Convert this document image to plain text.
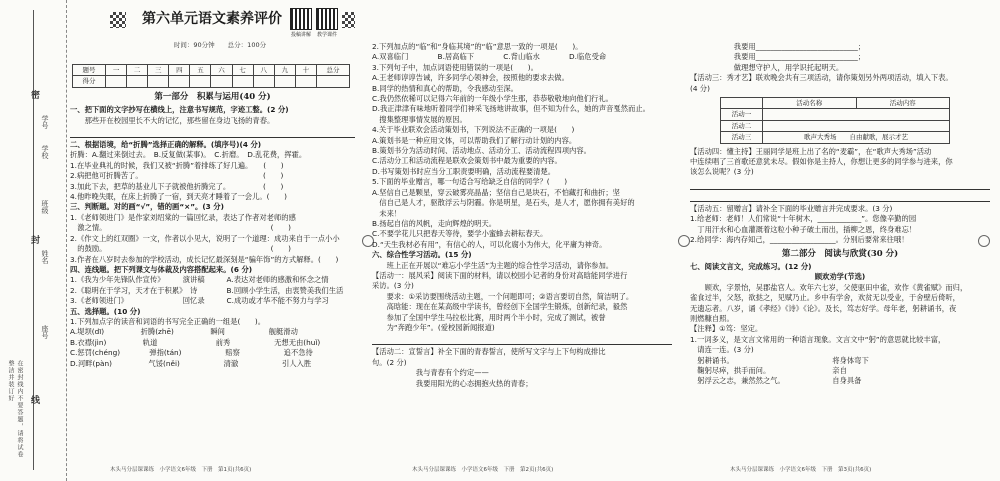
学校
班级
姓名
学号
座号
密
封
线
在密封线内不要答题，请将试卷整洁并装订好
第六单元语文素养评价
投稿讲解 教学课件
时间：90分钟　　总分：100分
题号	一	二	三	四	五	六	七	八	九	十	总分
得分											
第一部分　积累与运用(40 分)
一、把下面的文字抄写在横线上，注意书写规范，字迹工整。(2 分)
　　那些开在校园里长不大的记忆，那些留在身边飞扬的青春。
二、根据语境，给“折腾”选择正确的解释。(填序号)(4 分)
折腾：A.翻过来倒过去。　B.反复做(某事)。　C.折磨。　D.乱花费，挥霍。
1.在毕业典礼的时候，我们又被“折腾”着排练了好几遍。　　(　　)
2.病把他可折腾苦了。　　　　　　　　　　　　　　　　　(　　)
3.加此下去，把草的基业儿下子就被他折腾完了。　　　　　(　　)
4.他昨晚失眠，在床上折腾了一宿，到天亮才睡着了一会儿。(　　)
三、判断题。对的画“√”，错的画“×”。(3 分)
1.《老师领进门》是作家刘绍棠的一篇回忆录，表达了作者对老师的感
　激之情。　　　　　　　　　　　　　　　　　　　　　　　(　　)
2.《作文上的红双圈》一文，作者以小见大，说明了一个道理：成功来自于一点小小
　的鼓励。　　　　　　　　　　　　　　　　　　　　　　　(　　)
3.作者在八岁时去参加的学校活动，成长记忆最深刻是“骗年饰”的方式解释。(　　)
四、连线题。把下列课文与体裁及内容搭配起来。(6 分)
1.《我为少年先锋队作宣传》　　　演讲稿　　　A.表达对老师的感激和怀念之情
2.《聪明在于学习，天才在于积累》　诗　　　　B.回顾小学生活，由衷赞美我们生活
3.《老师领进门》　　　　　　　　回忆录　　　C.成功或才华不能不努力与学习
五、选择题。(10 分)
1.下列加点字的读音和词语的书写完全正确的一组是(　　)。
A.堤坝(dī)　　　　　折腾(zhē)　　　　　瞬间　　　　　　舰艇滑动
B.衣襟(jìn)　　　　　轨道　　　　　　　　前秀　　　　　　无想无由(huǐ)
C.惩罚(chéng)　　　　弹指(tán)　　　　　　赔察　　　　　　追不急待
D.河畔(pàn)　　　　　气馁(něi)　　　　　　清澈　　　　　　引人入胜
木头马分层课课练　小学语文6年级　下册　第1页(共6页)
2.下列加点的“临”和“身临其境”的“临”意思一致的一项是(　　)。
A.双喜临门　　　　B.居高临下　　　　C.背山临水　　　　D.临危受命
3.下列句子中，加点词语使用错误的一项是(　　)。
A.王老师谆谆告诫，许多同学心领神会，按照他的要求去做。
B.同学的热情和真心的帮助，令我感动至深。
C.我仍然依稀可以记得六年前的一年级小学生那，恭恭敬敬地向他们行礼。
D.我正津津有味地听着同学们神采飞扬地讲故事，但不知为什么，她的声音戛然而止。
　搜集整理事情发展的原因。
4.关于毕业联欢会活动策划书，下列说法不正确的一项是(　　)
A.策划书是一种应用文体，可以帮助我们了解行动计划的内容。
B.策划书分为活动时间、活动地点、活动分工、活动流程四项内容。
C.活动分工和活动流程是联欢会策划书中最为重要的内容。
D.书写策划书时应当分工职责要明确，活动流程要清楚。
5.下面的毕业赠言，哪一句适合写给缺乏自信的同学？(　　)
A.坚信自己是颗星，穿云破雾亮晶晶；坚信自己是块石，不怕藏打和曲折；坚
　信自己是人才，驱散浮云与阴霾。你是明星，是石头，是人才，愿你拥有美好的
　未来！
B.扬起自信的风帆，走向辉煌的明天。
C.不要学花儿只把春天等待，要学小蜜蜂去耕耘春天。
D.“天生我材必有用”，有信心的人，可以化腐小为伟大，化平庸为神奇。
六、综合性学习活动。(15 分)
　　班上正在开展以“难忘小学生活”为主题的综合性学习活动，请你参加。
【活动一：展风采】阅读下面的材料，请以校园小记者的身份对高晗能同学进行
采访。(3 分)
　　要求：①采访要围绕活动主题，一个问题即可；②语言要切自然，简洁明了。
　　高晗能：现在在某高级中学读书，曾经创下全国学生锻炼，创新纪录，毅然
　　参加了全国中学生马拉松比赛，用时两个半小时，完成了测试，被誉
　　为“奔跑少年”。(爱校园新闻报道)
【活动二：宣誓言】补全下面的青春誓言，使所写文字与上下句构成排比
句。(2 分)
　　　　　　我与青春有个约定——
　　　　　　我要用阳光的心态拥抱火热的青春；
木头马分层课课练　小学语文6年级　下册　第2页(共6页)
　　　　　　我要用____________________________；
　　　　　　我要用____________________________；
　　　　　　做理想守护人，用学识托起明天。
【活动三：秀才艺】联欢晚会共有三项活动，请你策划另外两项活动，填入下表。
(4 分)
	活动名称	活动内容
活动一		
活动二		
活动三	歌声大秀场　　自由献歌，展示才艺	
【活动四：懂主持】王丽同学是班上出了名的“麦霸”，在“歌声大秀场”活动
中连续唱了三首歌还意犹未尽。假如你是主持人，你想让更多的同学参与进来，你
该怎么说呢？(3 分)
【活动五：留赠言】请补全下面的毕业赠言并完成要求。(3 分)
1.给老师：老师！人们常说“十年树木，____________”。您像辛勤的园
　丁用汗水和心血灌溉着这粒小种子破土而出，插柳之恩，终身难忘！
2.给同学：海内存知己，__________________。分别后要常来往哦！
第二部分　阅读与欣赏(30 分)
七、阅读文言文，完成练习。(12 分)
顾欢劝学(节选)
　　顾欢，字景怡，吴郡盐官人。欢年六七岁，父使驱田中雀，欢作《黄雀赋》而归，
雀食过半，父怒，欲挞之，见赋乃止。乡中有学舍，欢贫无以受业，于舍壁后倚听，
无遗忘者。八岁，诵《孝经》《诗》《论》。及长，笃志好学。母年老，躬耕诵书，夜
则燃糠自照。
【注释】①笃：坚定。
1.一词多义，是文言文常用的一种语言现象。文言文中“躬”的意思就比较丰富，
　请连一连。(3 分)
　躬耕诵书。　　　　　　　　　　　　　　将身体弯下
　鞠躬尽瘁，拱手而问。　　　　　　　　　亲自
　躬浮云之志，兼然然之气。　　　　　　　自身具备
木头马分层课课练　小学语文6年级　下册　第3页(共6页)
